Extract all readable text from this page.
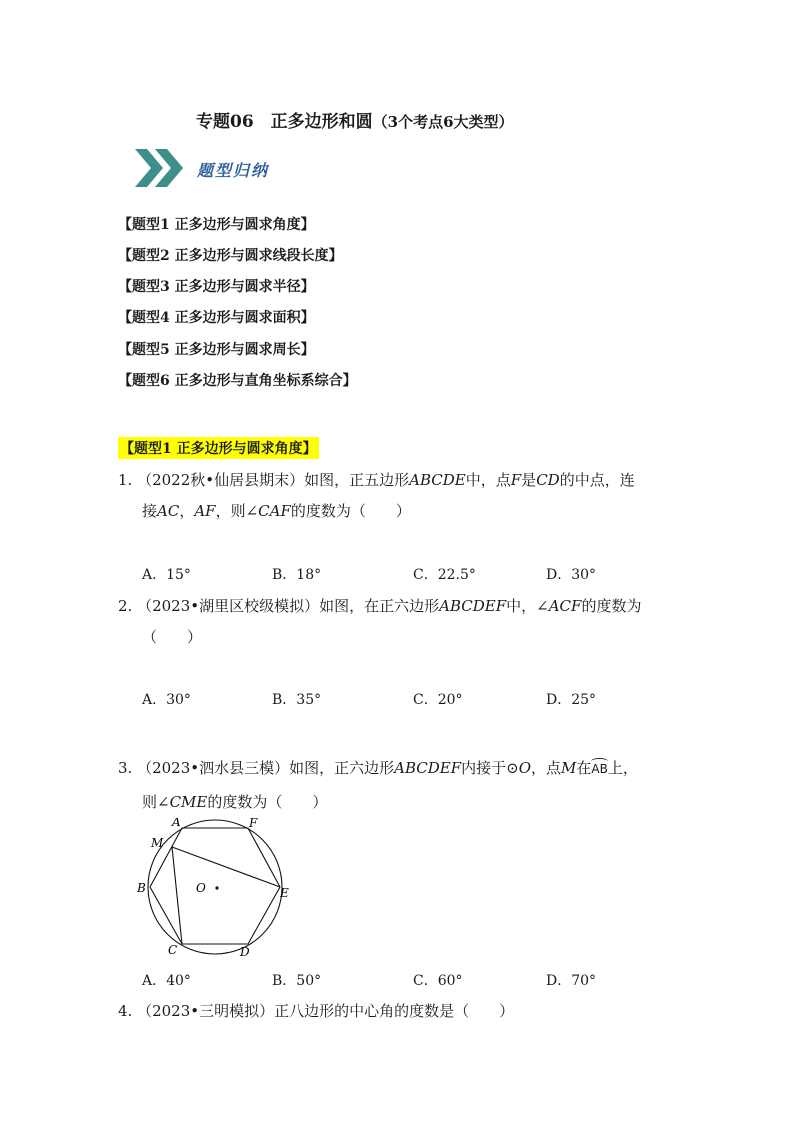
专题06　正多边形和圆（3个考点6大类型）
题型归纳
【题型1 正多边形与圆求角度】
【题型2 正多边形与圆求线段长度】
【题型3 正多边形与圆求半径】
【题型4 正多边形与圆求面积】
【题型5 正多边形与圆求周长】
【题型6 正多边形与直角坐标系综合】
【题型1 正多边形与圆求角度】
1. （2022秋•仙居县期末）如图，正五边形ABCDE中，点F是CD的中点，连
接AC，AF，则∠CAF的度数为（　　）
A．15°	B．18°	C．22.5°	D．30°
2. （2023•湖里区校级模拟）如图，在正六边形ABCDEF中，∠ACF的度数为
（　　）
A．30°	B．35°	C．20°	D．25°
3. （2023•泗水县三模）如图，正六边形ABCDEF内接于⊙O，点M在AB上，
则∠CME的度数为（　　）
A	F
M
B	O	E
C	D
A．40°	B．50°	C．60°	D．70°
4. （2023•三明模拟）正八边形的中心角的度数是（　　）
